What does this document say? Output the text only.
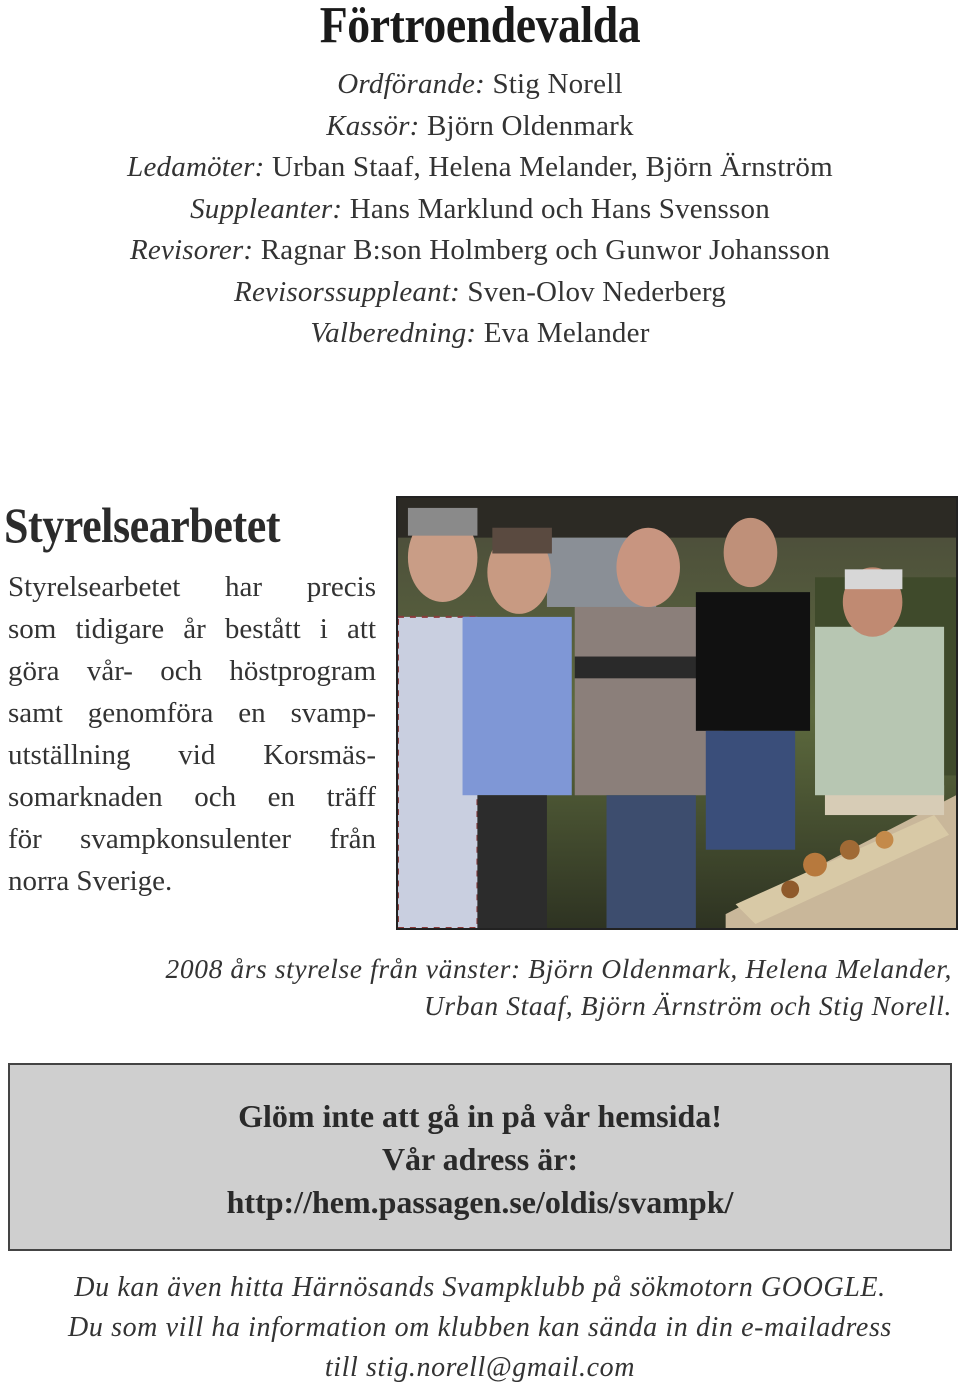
Förtroendevalda
Ordförande: Stig Norell
Kassör: Björn Oldenmark
Ledamöter: Urban Staaf, Helena Melander, Björn Ärnström
Suppleanter: Hans Marklund och Hans Svensson
Revisorer: Ragnar B:son Holmberg och Gunwor Johansson
Revisorssuppleant: Sven-Olov Nederberg
Valberedning: Eva Melander
Styrelsearbetet
Styrelsearbetet har precis
som tidigare år bestått i att
göra vår- och höstprogram
samt genomföra en svamp-
utställning vid Korsmäs-
somarknaden och en träff
för svampkonsulenter från
norra Sverige.
2008 års styrelse från vänster: Björn Oldenmark, Helena Melander,
Urban Staaf, Björn Ärnström och Stig Norell.
Glöm inte att gå in på vår hemsida!
Vår adress är:
http://hem.passagen.se/oldis/svampk/
Du kan även hitta Härnösands Svampklubb på sökmotorn GOOGLE.
Du som vill ha information om klubben kan sända in din e-mailadress
till stig.norell@gmail.com
